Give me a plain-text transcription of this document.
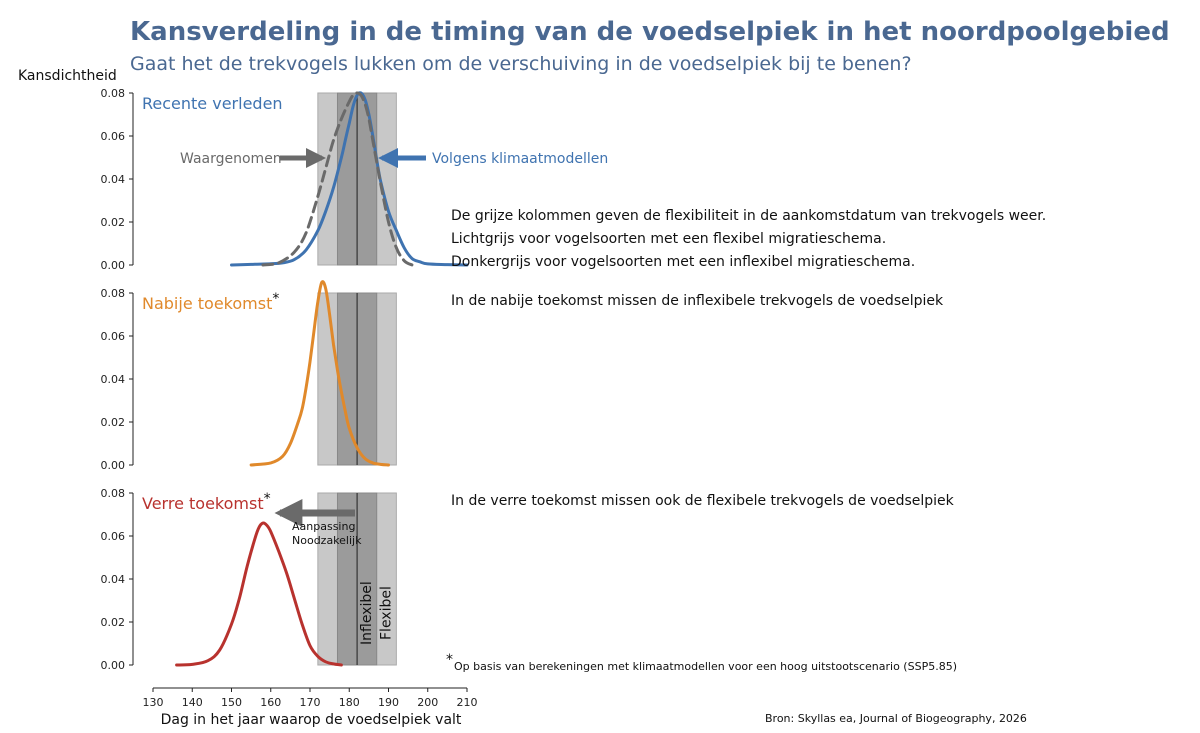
Kansverdeling in de timing van de voedselpiek in het noordpoolgebied
Gaat het de trekvogels lukken om de verschuiving in de voedselpiek bij te benen?
Kansdichtheid
0.00
0.02
0.04
0.06
0.08
Recente verleden
Waargenomen	Volgens klimaatmodellen
0.00
0.02
0.04
0.06
0.08
Nabije toekomst*
0.00
0.02
0.04
0.06
0.08
Verre toekomst*
Aanpassing
Noodzakelijk
Inflexibel Flexibel
130 140 150 160 170 180 190 200 210
Dag in het jaar waarop de voedselpiek valt
De grijze kolommen geven de flexibiliteit in de aankomstdatum van trekvogels weer.
Lichtgrijs voor vogelsoorten met een flexibel migratieschema.
Donkergrijs voor vogelsoorten met een inflexibel migratieschema.
In de nabije toekomst missen de inflexibele trekvogels de voedselpiek
In de verre toekomst missen ook de flexibele trekvogels de voedselpiek
* Op basis van berekeningen met klimaatmodellen voor een hoog uitstootscenario (SSP5.85)
Bron: Skyllas ea, Journal of Biogeography, 2026
